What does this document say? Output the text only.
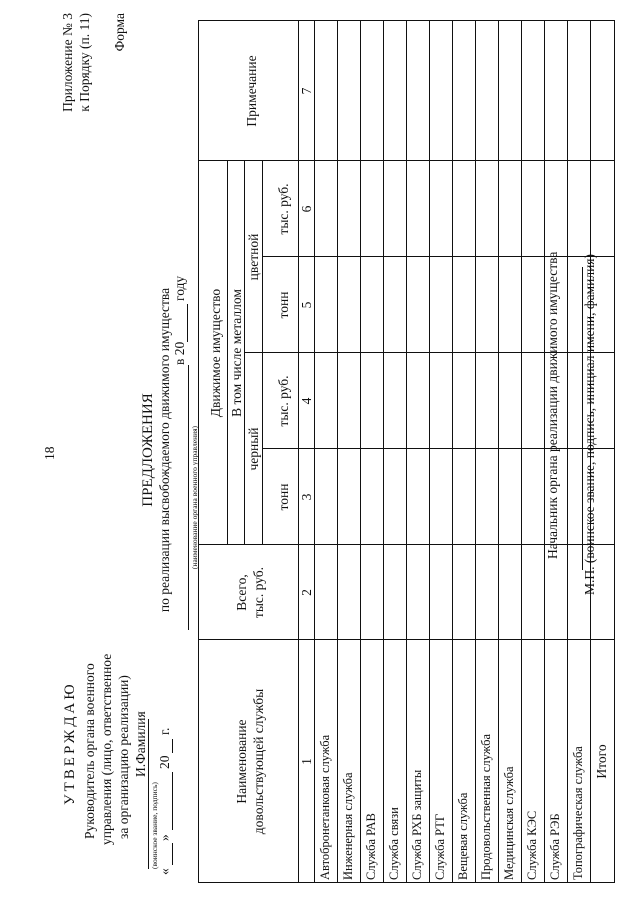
18
Приложение № 3 к Порядку (п. 11) Форма
УТВЕРЖДАЮ Руководитель органа военного управления (лицо, ответственное за организацию реализации) И.Фамилия
(воинское звание, подпись)
«
»
20
г.
ПРЕДЛОЖЕНИЯ по реализации высвобождаемого движимого имущества (наименование органа военного управления)
в 20
году
Наименование довольствующей службы
Всего, тыс. руб.
Движимое имущество В том числе металлом
черный
цветной
тонн
тыс. руб.
тонн
тыс. руб.
Примечание
1
2
3
4
5
6
7
Автобронетанковая служба Инженерная служба Служба РАВ Служба связи Служба РХБ защиты Служба РТГ Вещевая служба Продовольственная служба Медицинская служба Служба КЭС Служба РЭБ Топографическая служба Итого
Начальник органа реализации движимого имущества М.П. (воинское звание, подпись, инициал имени, фамилия)
